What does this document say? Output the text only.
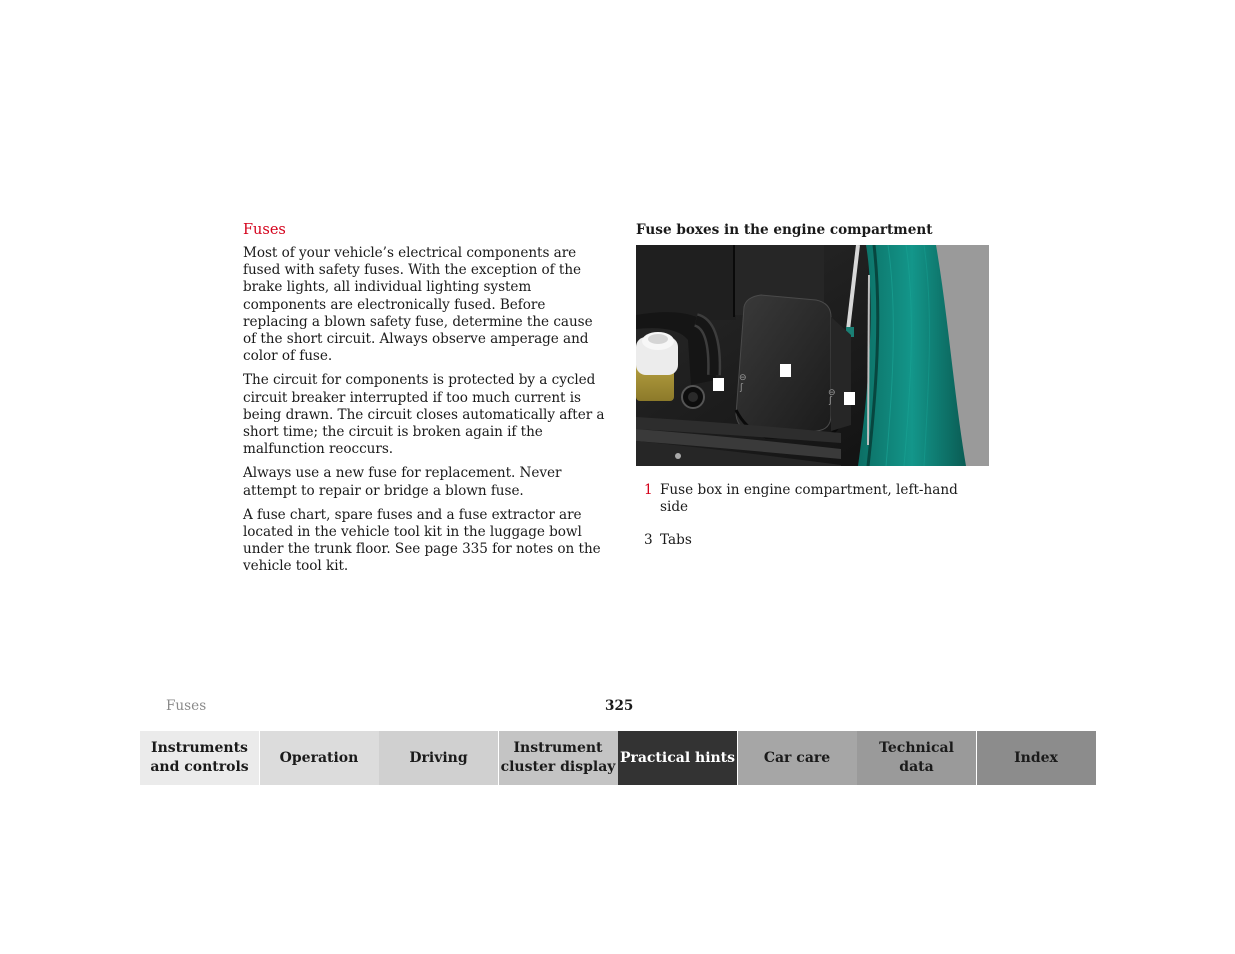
Fuses

Most of your vehicle’s electrical components are fused with safety fuses. With the exception of the brake lights, all individual lighting system components are electronically fused. Before replacing a blown safety fuse, determine the cause of the short circuit. Always observe amperage and color of fuse.

The circuit for components is protected by a cycled circuit breaker interrupted if too much current is being drawn. The circuit closes automatically after a short time; the circuit is broken again if the malfunction reoccurs.

Always use a new fuse for replacement. Never attempt to repair or bridge a blown fuse.

A fuse chart, spare fuses and a fuse extractor are located in the vehicle tool kit in the luggage bowl under the trunk floor. See page 335 for notes on the vehicle tool kit.

Fuse boxes in the engine compartment
⊖
ʃ	⊖
ʃ
1 Fuse box in engine compartment, left-hand side
3 Tabs
Fuses	325
Instruments
and controls
Operation	Driving
Instrument
cluster display
Practical hints	Car care
Technical
data
Index
